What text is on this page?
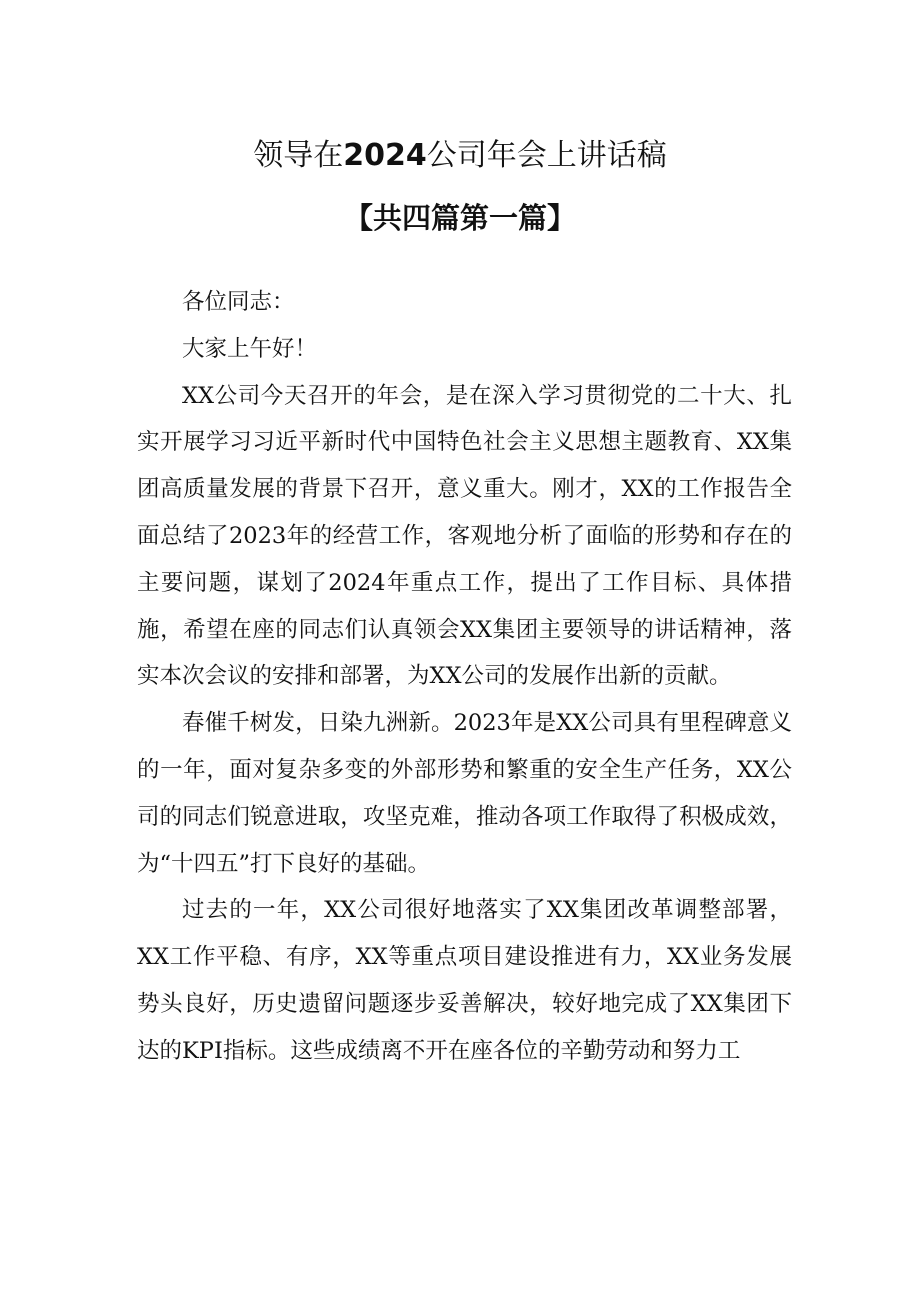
领导在2024公司年会上讲话稿
【共四篇第一篇】

各位同志：

大家上午好！

XX公司今天召开的年会，是在深入学习贯彻党的二十大、扎实开展学习习近平新时代中国特色社会主义思想主题教育、XX集团高质量发展的背景下召开，意义重大。刚才，XX的工作报告全面总结了2023年的经营工作，客观地分析了面临的形势和存在的主要问题，谋划了2024年重点工作，提出了工作目标、具体措施，希望在座的同志们认真领会XX集团主要领导的讲话精神，落实本次会议的安排和部署，为XX公司的发展作出新的贡献。

春催千树发，日染九洲新。2023年是XX公司具有里程碑意义的一年，面对复杂多变的外部形势和繁重的安全生产任务，XX公司的同志们锐意进取，攻坚克难，推动各项工作取得了积极成效，为“十四五”打下良好的基础。

过去的一年，XX公司很好地落实了XX集团改革调整部署，XX工作平稳、有序，XX等重点项目建设推进有力，XX业务发展势头良好，历史遗留问题逐步妥善解决，较好地完成了XX集团下达的KPI指标。这些成绩离不开在座各位的辛勤劳动和努力工
